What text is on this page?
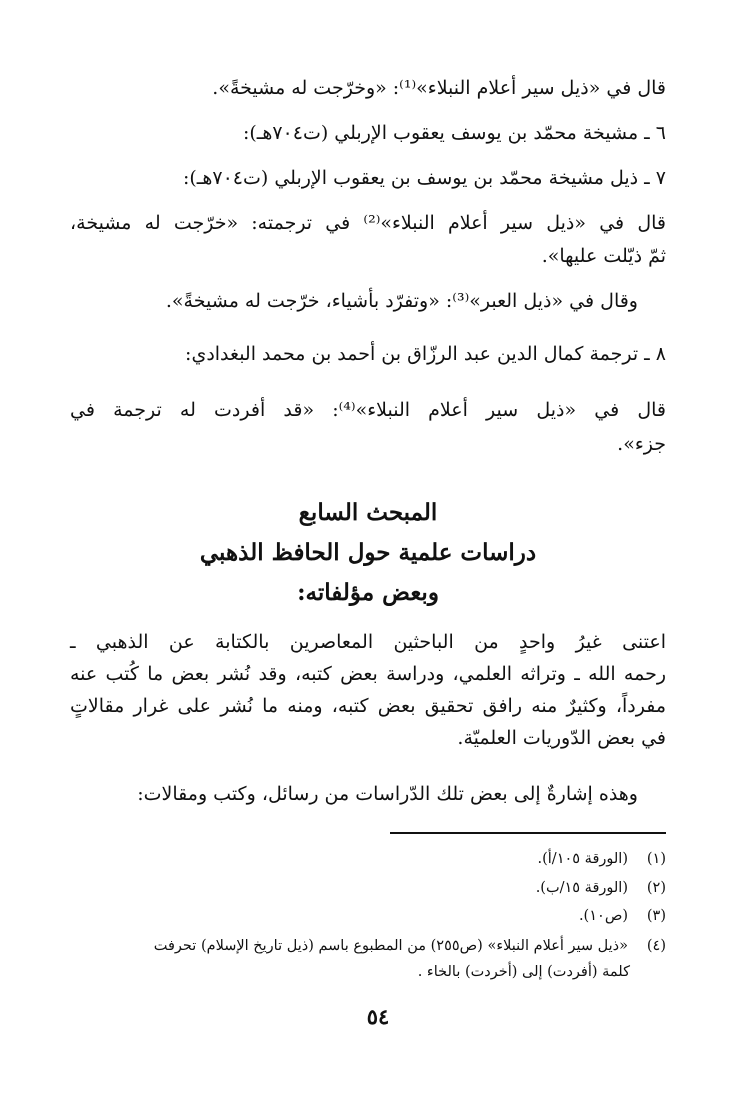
قال في «ذيل سير أعلام النبلاء»⁽¹⁾: «وخرّجت له مشيخةً».
٦ ـ مشيخة محمّد بن يوسف يعقوب الإربلي (ت٧٠٤هـ):
٧ ـ ذيل مشيخة محمّد بن يوسف بن يعقوب الإربلي (ت٧٠٤هـ):
قال في «ذيل سير أعلام النبلاء»⁽²⁾ في ترجمته: «خرّجت له مشيخة،
ثمّ ذيّلت عليها».
وقال في «ذيل العبر»⁽³⁾: «وتفرّد بأشياء، خرّجت له مشيخةً».
٨ ـ ترجمة كمال الدين عبد الرزّاق بن أحمد بن محمد البغدادي:
قال في «ذيل سير أعلام النبلاء»⁽⁴⁾: «قد أفردت له ترجمة في
جزء».
المبحث السابع
دراسات علمية حول الحافظ الذهبي
وبعض مؤلفاته:
اعتنى غيرُ واحدٍ من الباحثين المعاصرين بالكتابة عن الذهبي ـ
رحمه الله ـ وتراثه العلمي، ودراسة بعض كتبه، وقد نُشر بعض ما كُتب عنه
مفرداً، وكثيرٌ منه رافق تحقيق بعض كتبه، ومنه ما نُشر على غرار مقالاتٍ
في بعض الدّوريات العلميّة.
وهذه إشارةٌ إلى بعض تلك الدّراسات من رسائل، وكتب ومقالات:
(١)(الورقة ١٠٥/أ).
(٢)(الورقة ١٥/ب).
(٣)(ص١٠).
(٤)«ذيل سير أعلام النبلاء» (ص٢٥٥) من المطبوع باسم (ذيل تاريخ الإسلام) تحرفت
كلمة (أفردت) إلى (أخردت) بالخاء .
٥٤
